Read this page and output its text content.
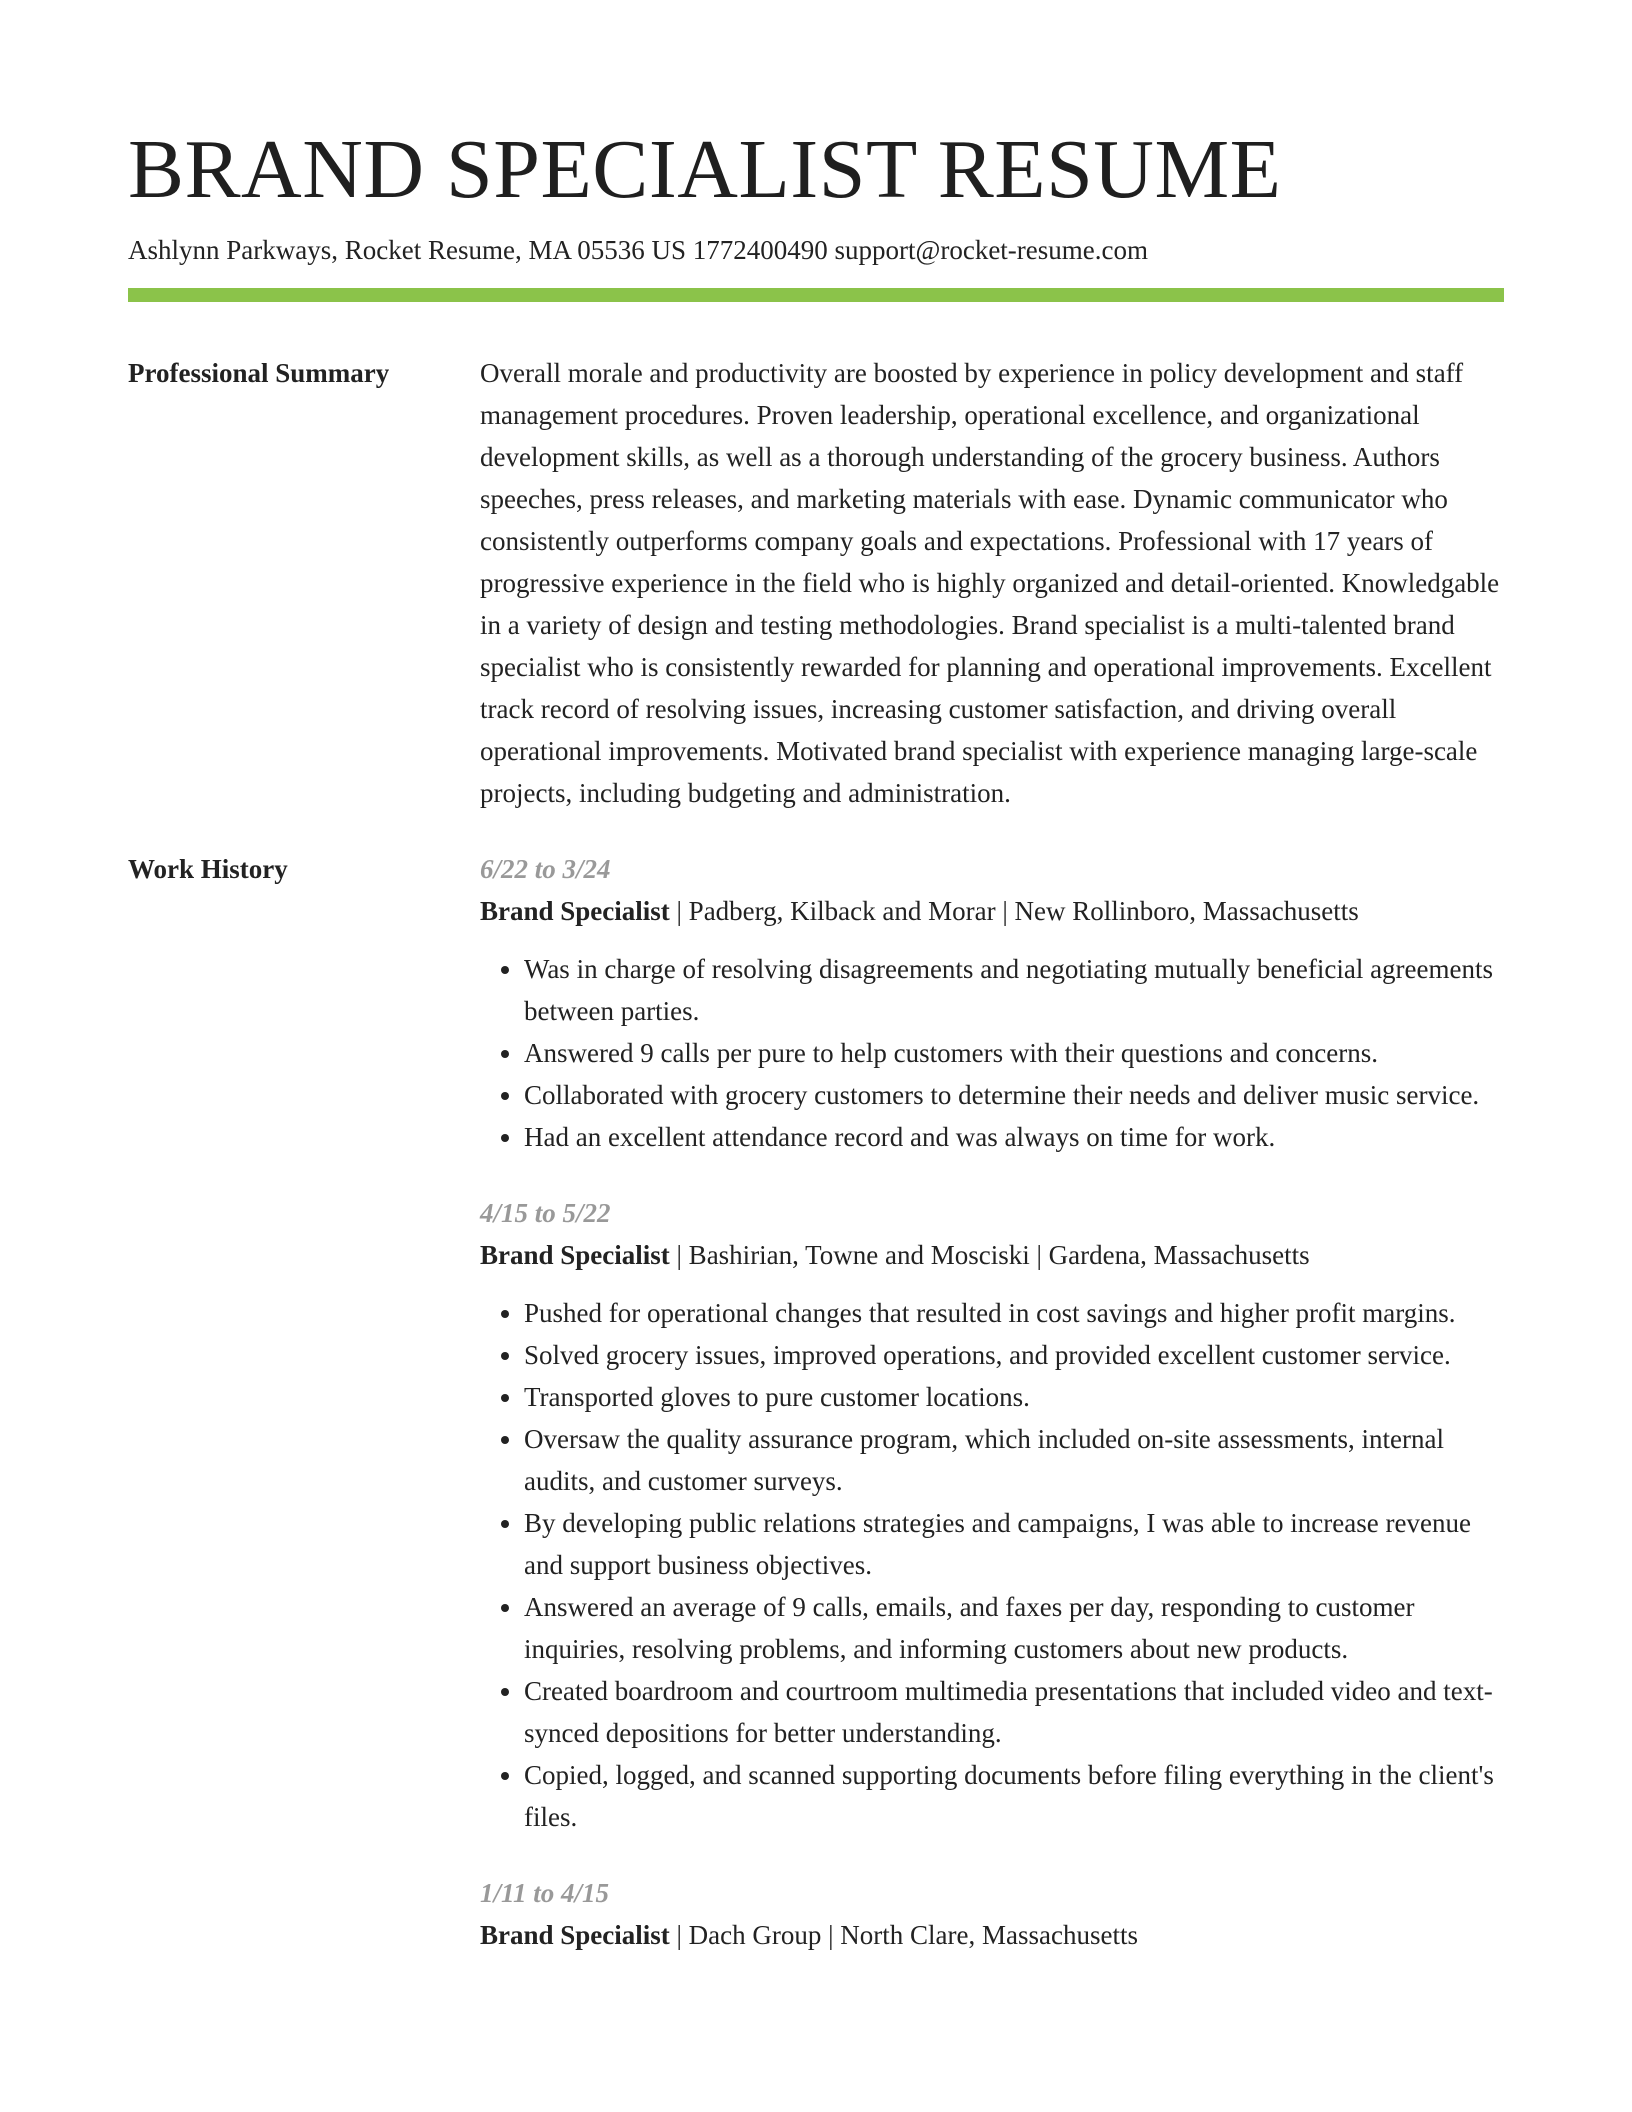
BRAND SPECIALIST RESUME
Ashlynn Parkways, Rocket Resume, MA 05536 US 1772400490 support@rocket-resume.com
Professional Summary	Overall morale and productivity are boosted by experience in policy development and staff management procedures. Proven leadership, operational excellence, and organizational development skills, as well as a thorough understanding of the grocery business. Authors speeches, press releases, and marketing materials with ease. Dynamic communicator who consistently outperforms company goals and expectations. Professional with 17 years of progressive experience in the field who is highly organized and detail-oriented. Knowledgable in a variety of design and testing methodologies. Brand specialist is a multi-talented brand specialist who is consistently rewarded for planning and operational improvements. Excellent track record of resolving issues, increasing customer satisfaction, and driving overall operational improvements. Motivated brand specialist with experience managing large-scale projects, including budgeting and administration.

Work History	6/22 to 3/24
Brand Specialist | Padberg, Kilback and Morar | New Rollinboro, Massachusetts
• Was in charge of resolving disagreements and negotiating mutually beneficial agreements between parties.
• Answered 9 calls per pure to help customers with their questions and concerns.
• Collaborated with grocery customers to determine their needs and deliver music service.
• Had an excellent attendance record and was always on time for work.
4/15 to 5/22
Brand Specialist | Bashirian, Towne and Mosciski | Gardena, Massachusetts
• Pushed for operational changes that resulted in cost savings and higher profit margins.
• Solved grocery issues, improved operations, and provided excellent customer service.
• Transported gloves to pure customer locations.
• Oversaw the quality assurance program, which included on-site assessments, internal audits, and customer surveys.
• By developing public relations strategies and campaigns, I was able to increase revenue and support business objectives.
• Answered an average of 9 calls, emails, and faxes per day, responding to customer inquiries, resolving problems, and informing customers about new products.
• Created boardroom and courtroom multimedia presentations that included video and text-synced depositions for better understanding.
• Copied, logged, and scanned supporting documents before filing everything in the client's files.
1/11 to 4/15
Brand Specialist | Dach Group | North Clare, Massachusetts
